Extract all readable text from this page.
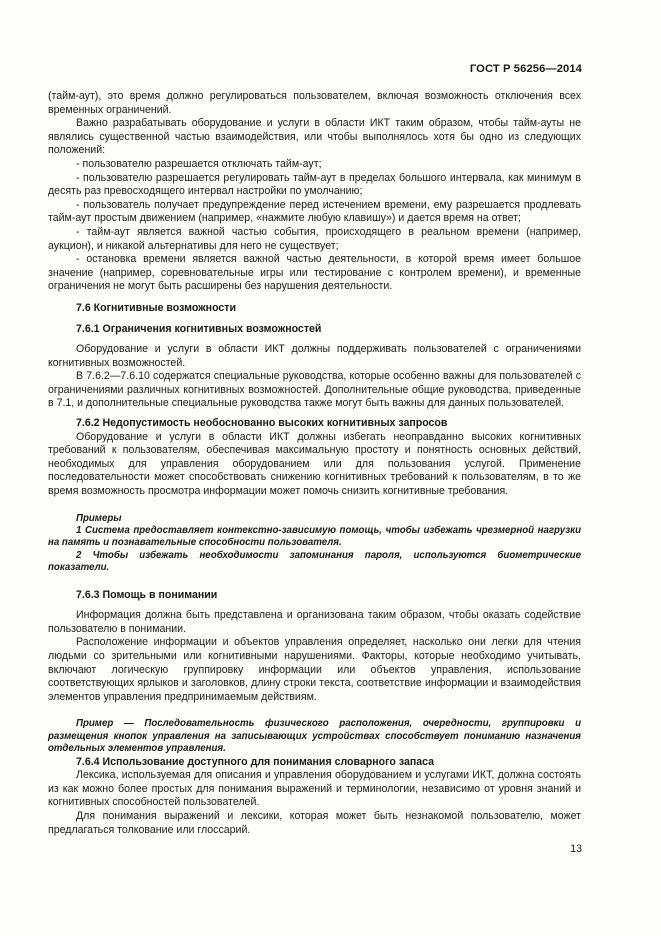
ГОСТ Р 56256—2014

(тайм-аут), это время должно регулироваться пользователем, включая возможность отключения всех временных ограничений.

Важно разрабатывать оборудование и услуги в области ИКТ таким образом, чтобы тайм-ауты не являлись существенной частью взаимодействия, или чтобы выполнялось хотя бы одно из следующих положений:

- пользователю разрешается отключать тайм-аут;

- пользователю разрешается регулировать тайм-аут в пределах большого интервала, как минимум в десять раз превосходящего интервал настройки по умолчанию;

- пользователь получает предупреждение перед истечением времени, ему разрешается продлевать тайм-аут простым движением (например, «нажмите любую клавишу») и дается время на ответ;

- тайм-аут является важной частью события, происходящего в реальном времени (например, аукцион), и никакой альтернативы для него не существует;

- остановка времени является важной частью деятельности, в которой время имеет большое значение (например, соревновательные игры или тестирование с контролем времени), и временные ограничения не могут быть расширены без нарушения деятельности.

7.6 Когнитивные возможности

7.6.1 Ограничения когнитивных возможностей

Оборудование и услуги в области ИКТ должны поддерживать пользователей с ограничениями когнитивных возможностей.

В 7.6.2—7.6.10 содержатся специальные руководства, которые особенно важны для пользователей с ограничениями различных когнитивных возможностей. Дополнительные общие руководства, приведенные в 7.1, и дополнительные специальные руководства также могут быть важны для данных пользователей.

7.6.2 Недопустимость необоснованно высоких когнитивных запросов

Оборудование и услуги в области ИКТ должны избегать неоправданно высоких когнитивных требований к пользователям, обеспечивая максимальную простоту и понятность основных действий, необходимых для управления оборудованием или для пользования услугой. Применение последовательности может способствовать снижению когнитивных требований к пользователям, в то же время возможность просмотра информации может помочь снизить когнитивные требования.

Примеры

1 Система предоставляет контекстно-зависимую помощь, чтобы избежать чрезмерной нагрузки на память и познавательные способности пользователя.

2 Чтобы избежать необходимости запоминания пароля, используются биометрические показатели.

7.6.3 Помощь в понимании

Информация должна быть представлена и организована таким образом, чтобы оказать содействие пользователю в понимании.

Расположение информации и объектов управления определяет, насколько они легки для чтения людьми со зрительными или когнитивными нарушениями. Факторы, которые необходимо учитывать, включают логическую группировку информации или объектов управления, использование соответствующих ярлыков и заголовков, длину строки текста, соответствие информации и взаимодействия элементов управления предпринимаемым действиям.

Пример — Последовательность физического расположения, очередности, группировки и размещения кнопок управления на записывающих устройствах способствует пониманию назначения отдельных элементов управления.

7.6.4 Использование доступного для понимания словарного запаса

Лексика, используемая для описания и управления оборудованием и услугами ИКТ, должна состоять из как можно более простых для понимания выражений и терминологии, независимо от уровня знаний и когнитивных способностей пользователей.

Для понимания выражений и лексики, которая может быть незнакомой пользователю, может предлагаться толкование или глоссарий.

13
